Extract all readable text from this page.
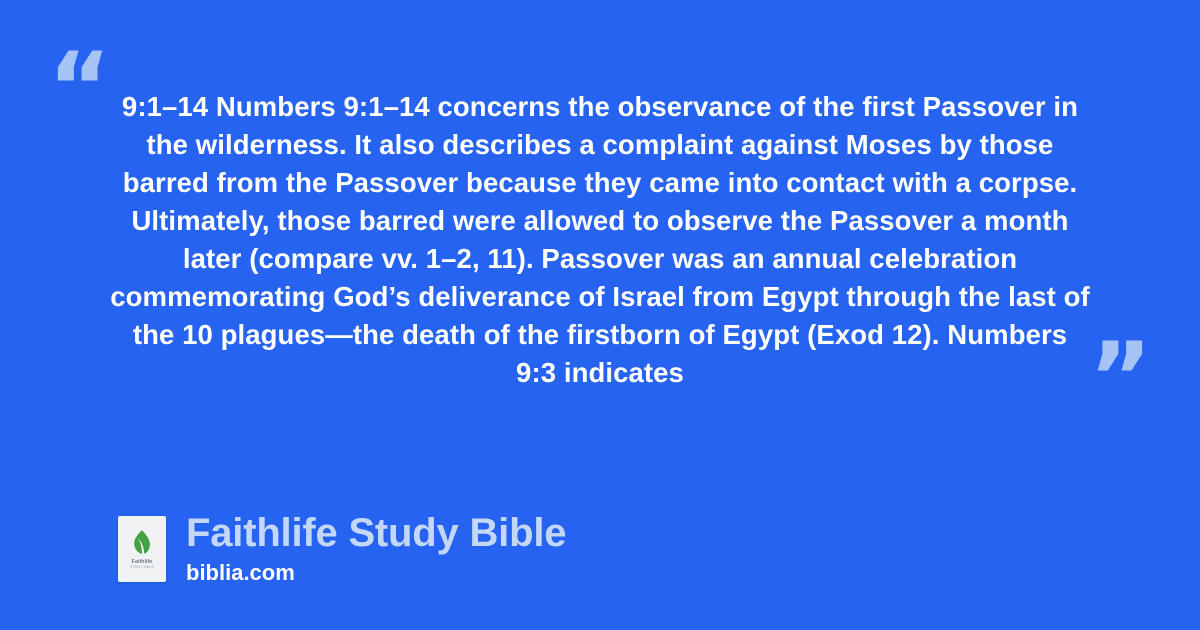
“ 9:1–14 Numbers 9:1–14 concerns the observance of the first Passover in the wilderness. It also describes a complaint against Moses by those barred from the Passover because they came into contact with a corpse. Ultimately, those barred were allowed to observe the Passover a month later (compare vv. 1–2, 11). Passover was an annual celebration commemorating God’s deliverance of Israel from Egypt through the last of the 10 plagues—the death of the firstborn of Egypt (Exod 12). Numbers 9:3 indicates	”
Faithlife
STUDY BIBLE
Faithlife Study Bible
biblia.com
